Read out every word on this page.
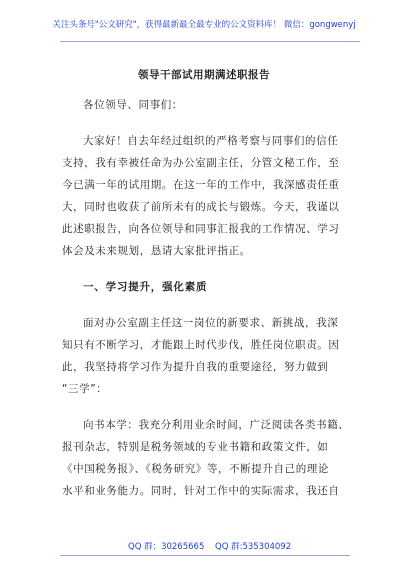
关注头条号"公文研究"，获得最新最全最专业的公文资料库！ 微信：gongwenyj
领导干部试用期满述职报告
各位领导、同事们：
大家好！自去年经过组织的严格考察与同事们的信任
支持，我有幸被任命为办公室副主任，分管文秘工作，至
今已满一年的试用期。在这一年的工作中，我深感责任重
大，同时也收获了前所未有的成长与锻炼。今天，我谨以
此述职报告，向各位领导和同事汇报我的工作情况、学习
体会及未来规划，恳请大家批评指正。
一、学习提升，强化素质
面对办公室副主任这一岗位的新要求、新挑战，我深
知只有不断学习，才能跟上时代步伐，胜任岗位职责。因
此，我坚持将学习作为提升自我的重要途径，努力做到
“三学”：
向书本学：我充分利用业余时间，广泛阅读各类书籍、
报刊杂志，特别是税务领域的专业书籍和政策文件，如
《中国税务报》、《税务研究》等，不断提升自己的理论
水平和业务能力。同时，针对工作中的实际需求，我还自
QQ 群：30265665 QQ 群:535304092
